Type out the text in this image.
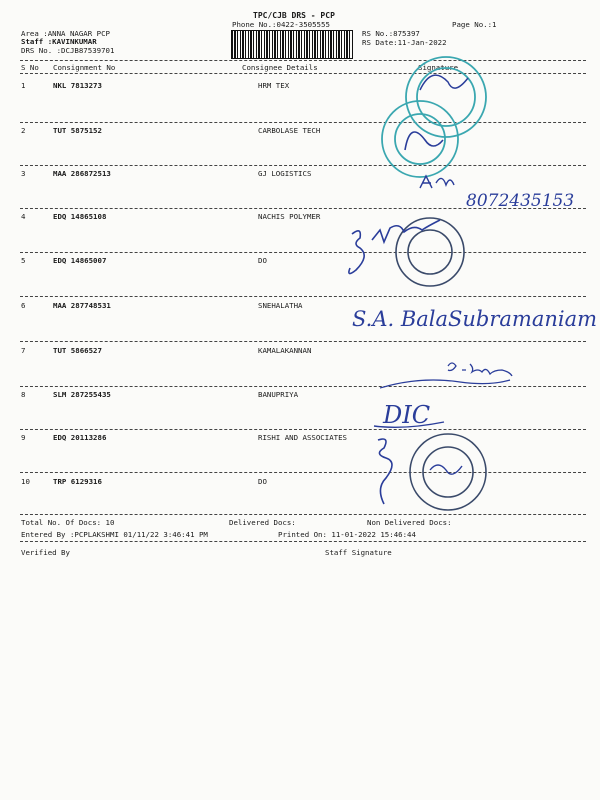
TPC/CJB DRS - PCP
Phone No.:0422-3505555	Page No.:1
Area :ANNA NAGAR PCP
Staff :KAVINKUMAR
DRS No. :DCJB87539701
RS No.:875397
RS Date:11-Jan-2022
S No Consignment No	Consignee Details	Signature
1	NKL 7813273	HRM TEX
2	TUT 5875152	CARBOLASE TECH
3	MAA 286872513	GJ LOGISTICS
4	EDQ 14865108	NACHIS POLYMER
5	EDQ 14865007	DO
6	MAA 287748531	SNEHALATHA
7	TUT 5866527	KAMALAKANNAN
8	SLM 287255435	BANUPRIYA
9	EDQ 20113286	RISHI AND ASSOCIATES
10	TRP 6129316	DO
Total No. Of Docs: 10	Delivered Docs:	Non Delivered Docs:
Entered By :PCPLAKSHMI 01/11/22 3:46:41 PM	Printed On: 11-01-2022 15:46:44
Verified By	Staff Signature
8072435153
S.A. BalaSubramaniam
DIC
